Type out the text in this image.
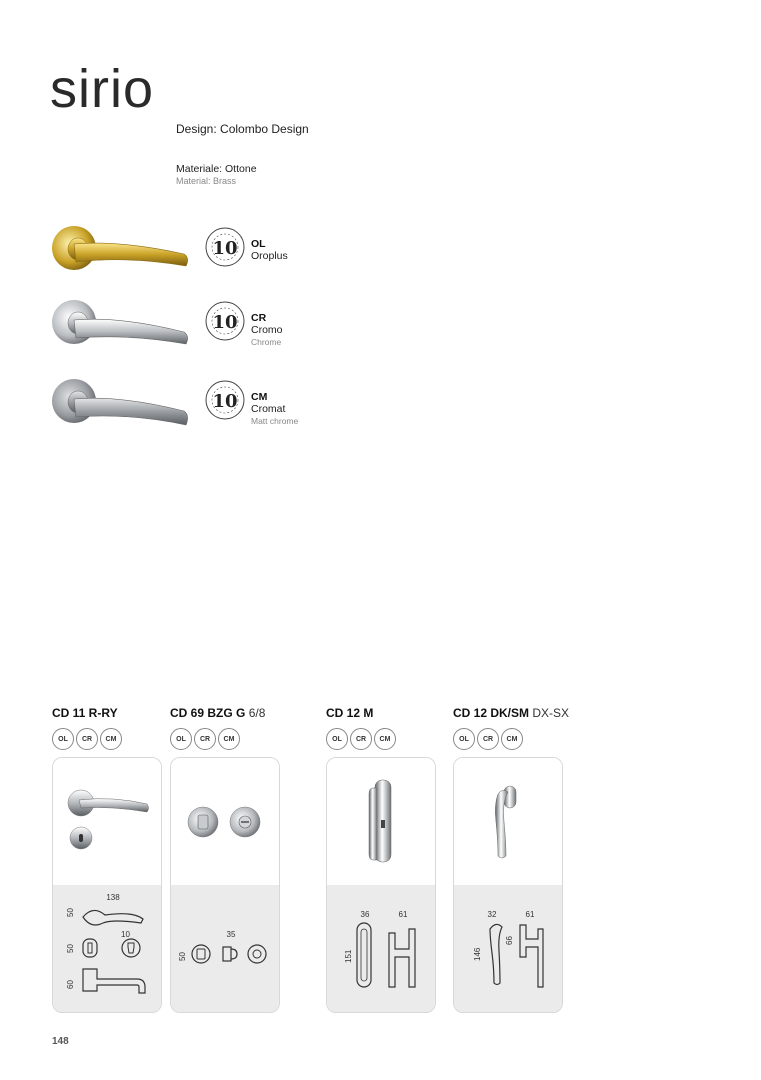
sirio
Design: Colombo Design
Materiale: Ottone
Material: Brass
10 OL
Oroplus
10 CR
Cromo
Chrome
10 CM
Cromat
Matt chrome
CD 11 R-RY
OL	CR	CM
138
50
10
50
60
CD 69 BZG G 6/8
OL	CR	CM
35
50
CD 12 M
OL	CR	CM
36	61
151
CD 12 DK/SM DX-SX
OL	CR	CM
32	61
66
146
148
